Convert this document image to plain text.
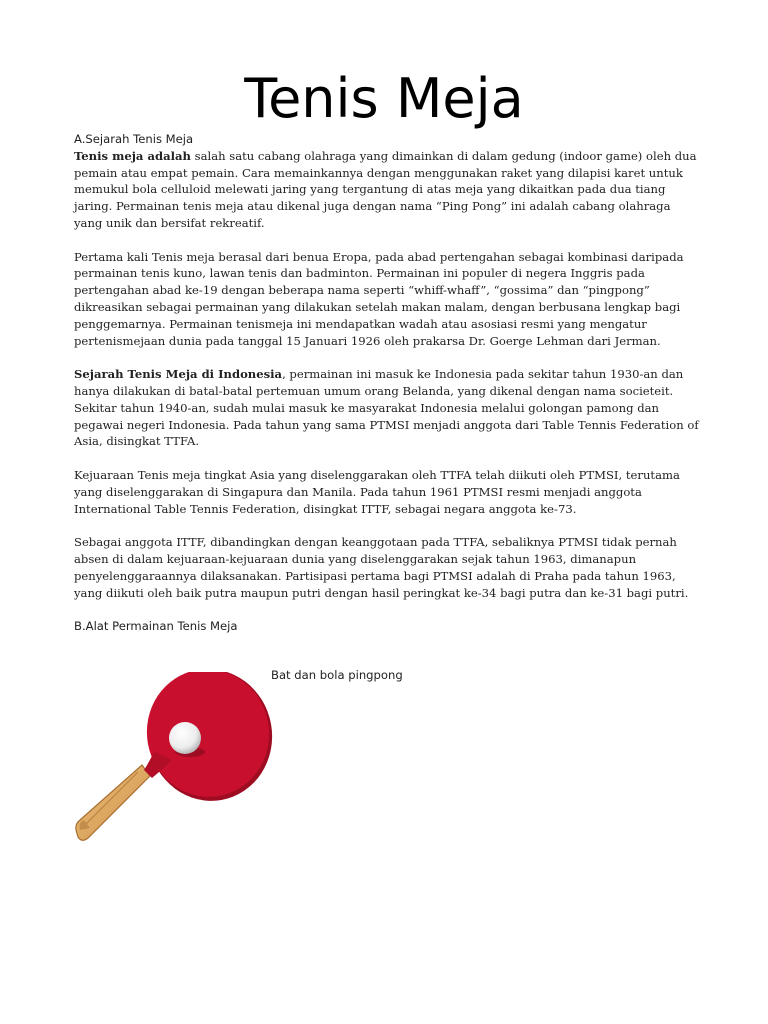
Tenis Meja

A.Sejarah Tenis Meja

Tenis meja adalah salah satu cabang olahraga yang dimainkan di dalam gedung (indoor game) oleh dua pemain atau empat pemain. Cara memainkannya dengan menggunakan raket yang dilapisi karet untuk memukul bola celluloid melewati jaring yang tergantung di atas meja yang dikaitkan pada dua tiang jaring. Permainan tenis meja atau dikenal juga dengan nama “Ping Pong” ini adalah cabang olahraga yang unik dan bersifat rekreatif.

Pertama kali Tenis meja berasal dari benua Eropa, pada abad pertengahan sebagai kombinasi daripada permainan tenis kuno, lawan tenis dan badminton. Permainan ini populer di negera Inggris pada pertengahan abad ke-19 dengan beberapa nama seperti “whiff-whaff”, “gossima” dan “pingpong” dikreasikan sebagai permainan yang dilakukan setelah makan malam, dengan berbusana lengkap bagi penggemarnya. Permainan tenismeja ini mendapatkan wadah atau asosiasi resmi yang mengatur pertenismejaan dunia pada tanggal 15 Januari 1926 oleh prakarsa Dr. Goerge Lehman dari Jerman.

Sejarah Tenis Meja di Indonesia, permainan ini masuk ke Indonesia pada sekitar tahun 1930-an dan hanya dilakukan di batal-batal pertemuan umum orang Belanda, yang dikenal dengan nama societeit. Sekitar tahun 1940-an, sudah mulai masuk ke masyarakat Indonesia melalui golongan pamong dan pegawai negeri Indonesia. Pada tahun yang sama PTMSI menjadi anggota dari Table Tennis Federation of Asia, disingkat TTFA.

Kejuaraan Tenis meja tingkat Asia yang diselenggarakan oleh TTFA telah diikuti oleh PTMSI, terutama yang diselenggarakan di Singapura dan Manila. Pada tahun 1961 PTMSI resmi menjadi anggota International Table Tennis Federation, disingkat ITTF, sebagai negara anggota ke-73.

Sebagai anggota ITTF, dibandingkan dengan keanggotaan pada TTFA, sebaliknya PTMSI tidak pernah absen di dalam kejuaraan-kejuaraan dunia yang diselenggarakan sejak tahun 1963, dimanapun penyelenggaraannya dilaksanakan. Partisipasi pertama bagi PTMSI adalah di Praha pada tahun 1963, yang diikuti oleh baik putra maupun putri dengan hasil peringkat ke-34 bagi putra dan ke-31 bagi putri.

B.Alat Permainan Tenis Meja

Bat dan bola pingpong
